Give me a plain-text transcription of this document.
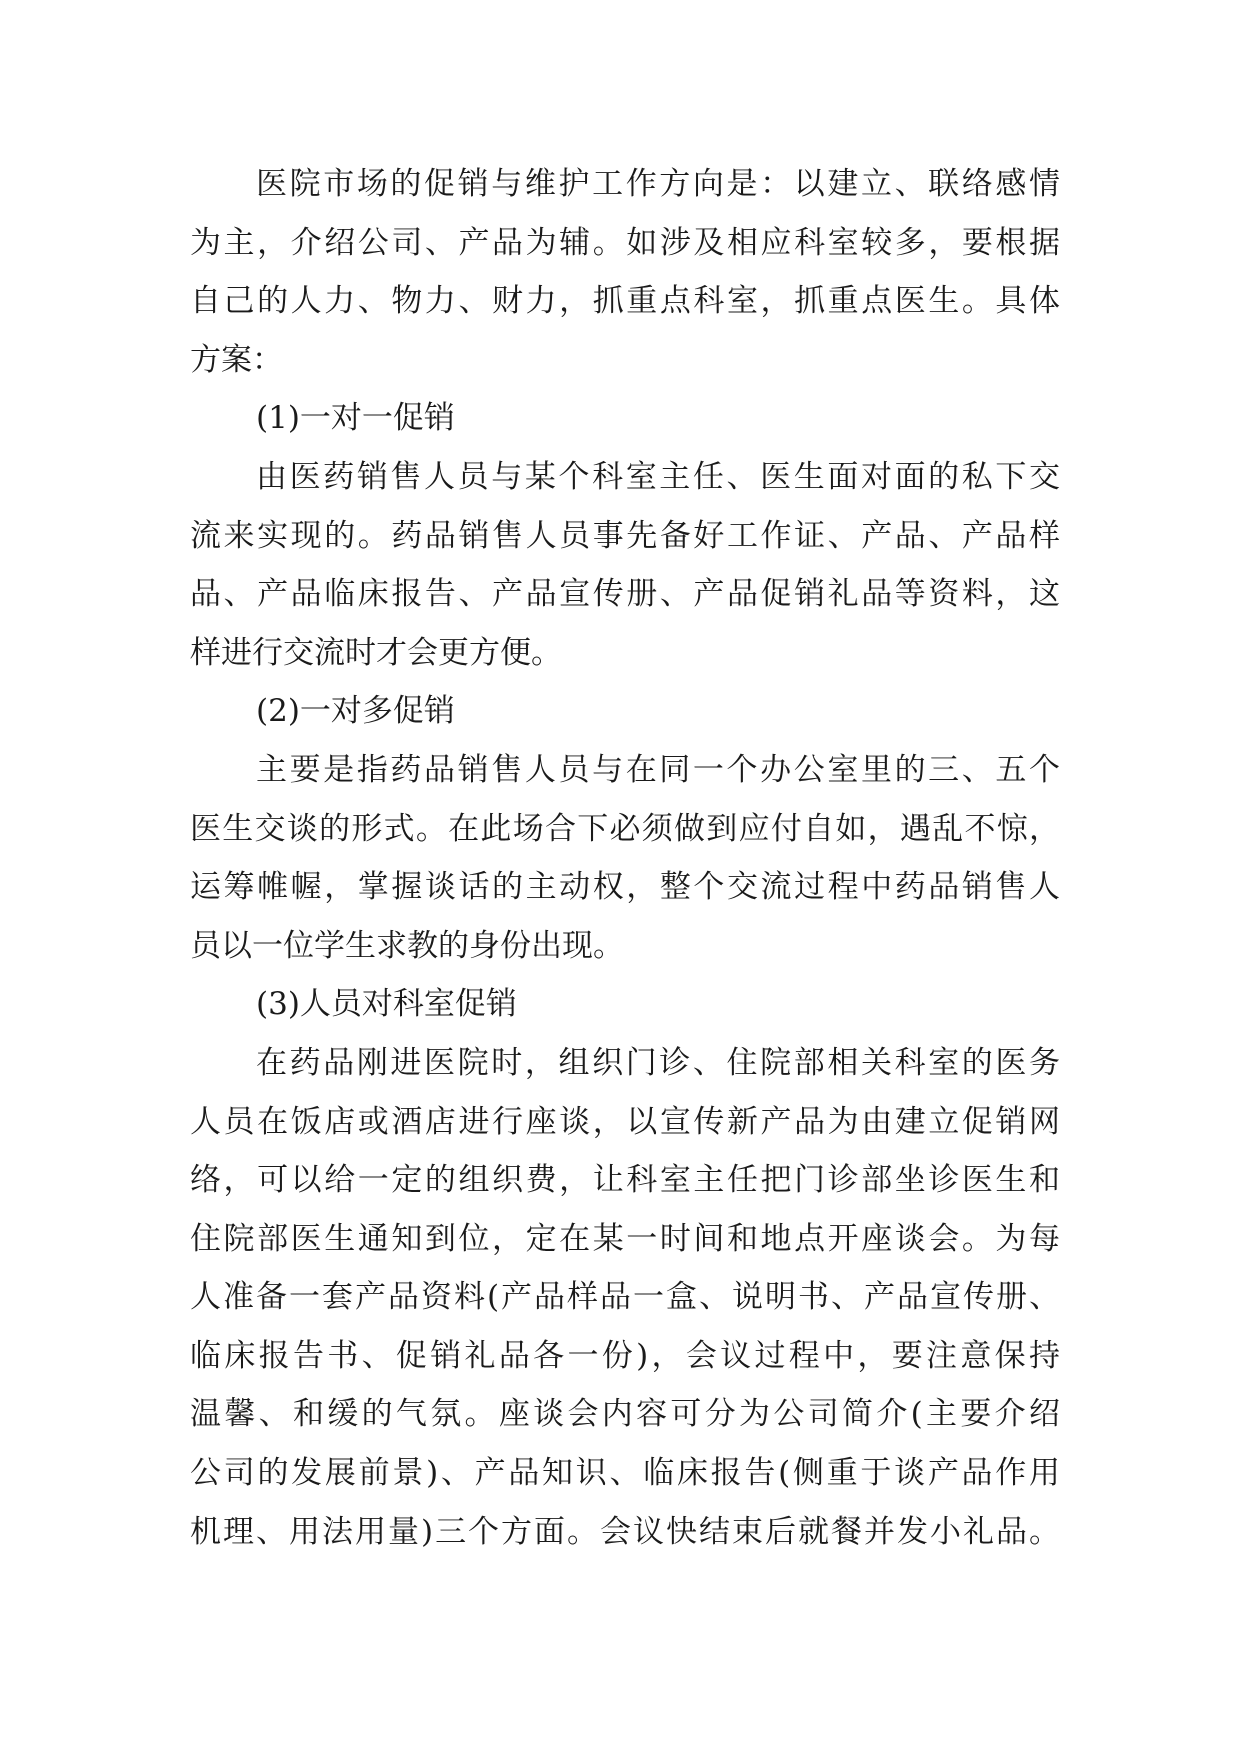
医院市场的促销与维护工作方向是：以建立、联络感情
为主，介绍公司、产品为辅。如涉及相应科室较多，要根据
自己的人力、物力、财力，抓重点科室，抓重点医生。具体
方案：
(1)一对一促销
由医药销售人员与某个科室主任、医生面对面的私下交
流来实现的。药品销售人员事先备好工作证、产品、产品样
品、产品临床报告、产品宣传册、产品促销礼品等资料，这
样进行交流时才会更方便。
(2)一对多促销
主要是指药品销售人员与在同一个办公室里的三、五个
医生交谈的形式。在此场合下必须做到应付自如，遇乱不惊，
运筹帷幄，掌握谈话的主动权，整个交流过程中药品销售人
员以一位学生求教的身份出现。
(3)人员对科室促销
在药品刚进医院时，组织门诊、住院部相关科室的医务
人员在饭店或酒店进行座谈，以宣传新产品为由建立促销网
络，可以给一定的组织费，让科室主任把门诊部坐诊医生和
住院部医生通知到位，定在某一时间和地点开座谈会。为每
人准备一套产品资料(产品样品一盒、说明书、产品宣传册、
临床报告书、促销礼品各一份)，会议过程中，要注意保持
温馨、和缓的气氛。座谈会内容可分为公司简介(主要介绍
公司的发展前景)、产品知识、临床报告(侧重于谈产品作用
机理、用法用量)三个方面。会议快结束后就餐并发小礼品。
